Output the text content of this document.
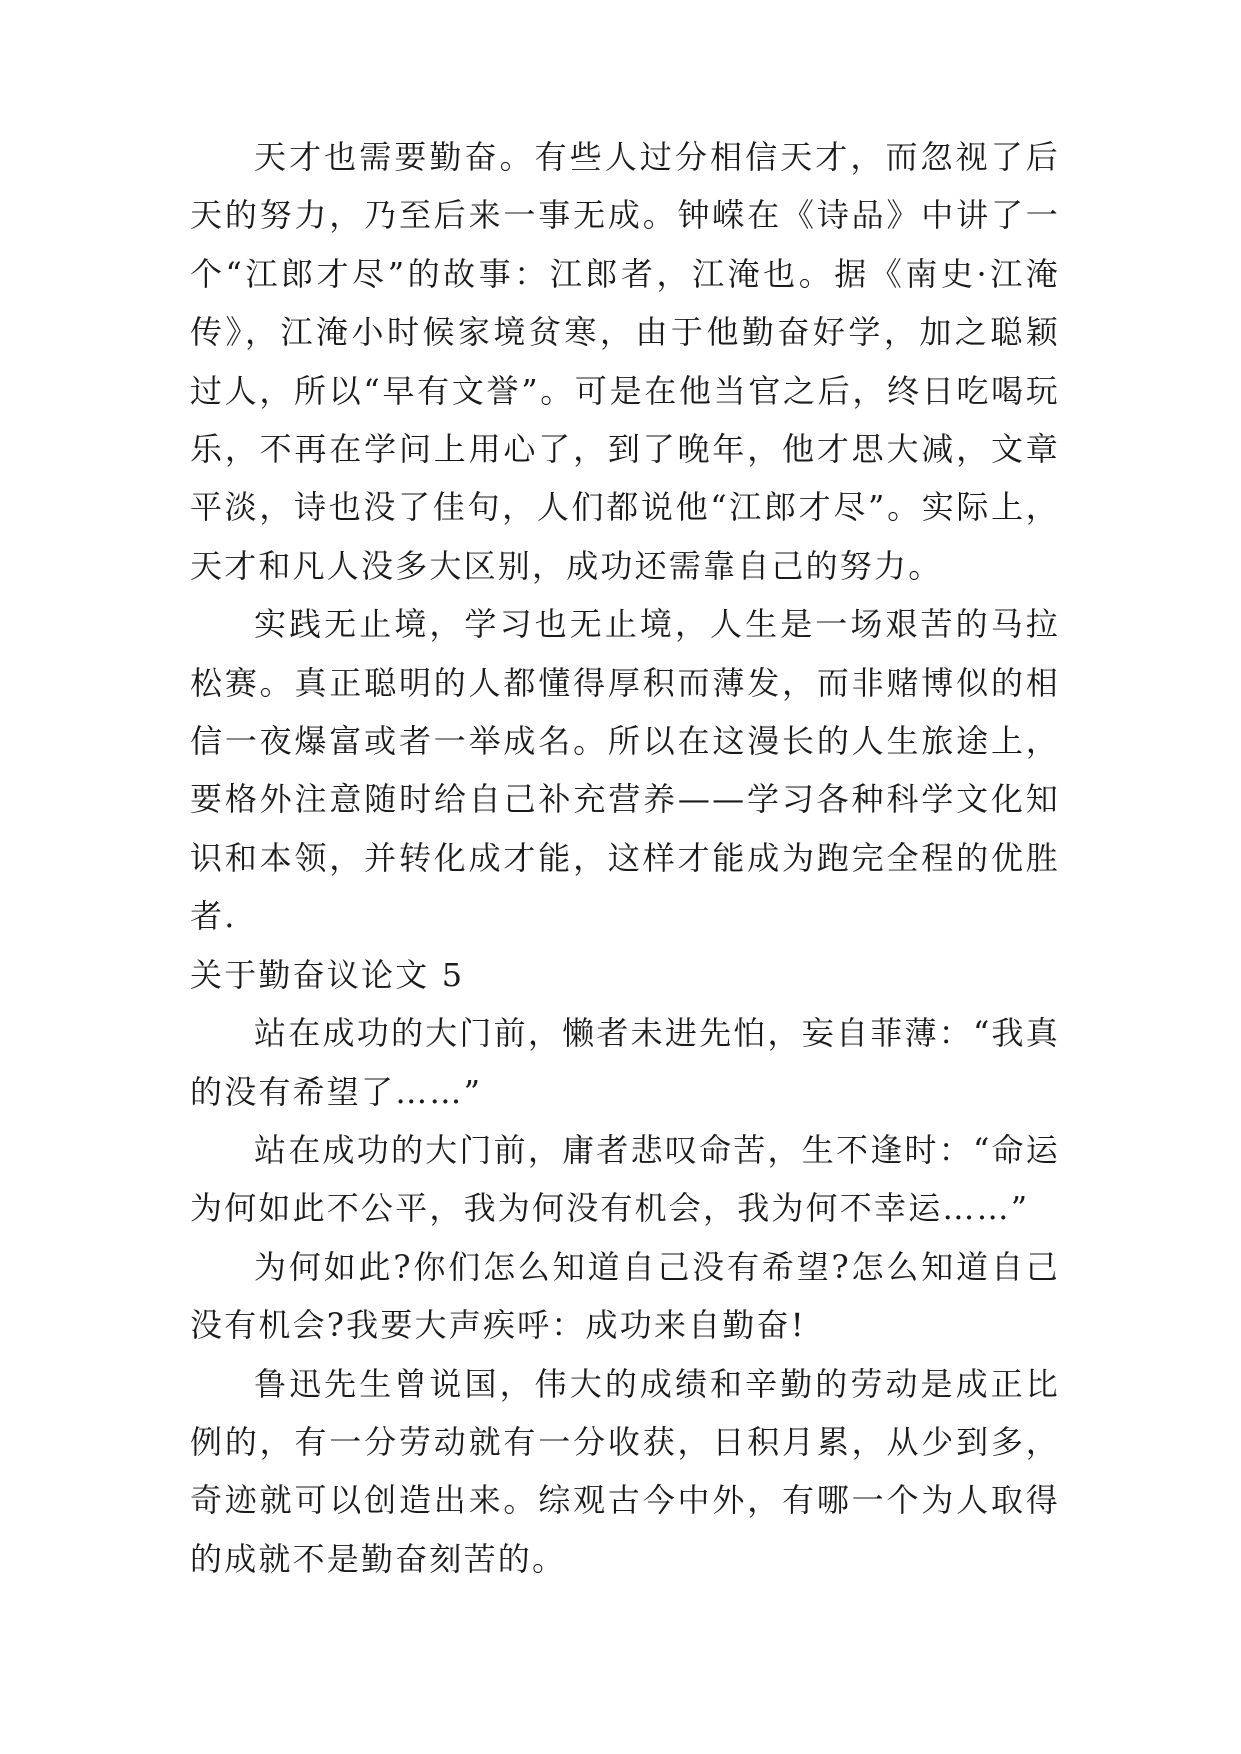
天才也需要勤奋。有些人过分相信天才，而忽视了后天的努力，乃至后来一事无成。钟嵘在《诗品》中讲了一个“江郎才尽”的故事：江郎者，江淹也。据《南史·江淹传》，江淹小时候家境贫寒，由于他勤奋好学，加之聪颖过人，所以“早有文誉”。可是在他当官之后，终日吃喝玩乐，不再在学问上用心了，到了晚年，他才思大减，文章平淡，诗也没了佳句，人们都说他“江郎才尽”。实际上，天才和凡人没多大区别，成功还需靠自己的努力。

实践无止境，学习也无止境，人生是一场艰苦的马拉松赛。真正聪明的人都懂得厚积而薄发，而非赌博似的相信一夜爆富或者一举成名。所以在这漫长的人生旅途上，要格外注意随时给自己补充营养——学习各种科学文化知识和本领，并转化成才能，这样才能成为跑完全程的优胜者.

关于勤奋议论文 5

站在成功的大门前，懒者未进先怕，妄自菲薄：“我真的没有希望了……”

站在成功的大门前，庸者悲叹命苦，生不逢时：“命运为何如此不公平，我为何没有机会，我为何不幸运……”

为何如此?你们怎么知道自己没有希望?怎么知道自己没有机会?我要大声疾呼：成功来自勤奋!

鲁迅先生曾说国，伟大的成绩和辛勤的劳动是成正比例的，有一分劳动就有一分收获，日积月累，从少到多，奇迹就可以创造出来。综观古今中外，有哪一个为人取得的成就不是勤奋刻苦的。
